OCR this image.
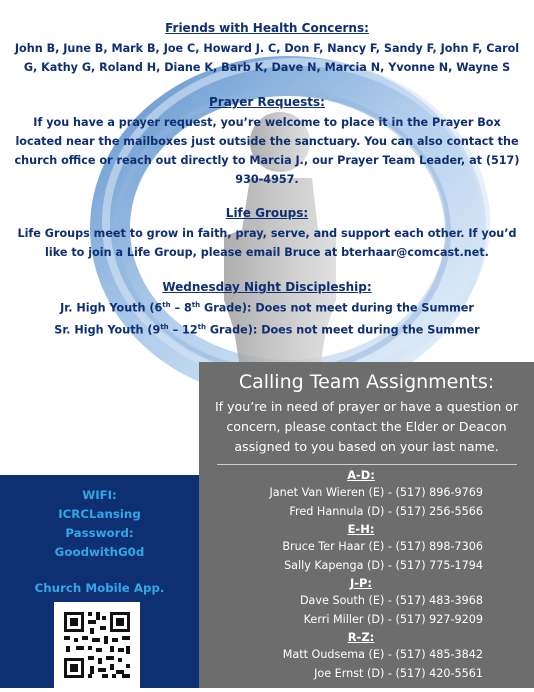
Friends with Health Concerns:
John B, June B, Mark B, Joe C, Howard J. C, Don F, Nancy F, Sandy F, John F, Carol
G, Kathy G, Roland H, Diane K, Barb K, Dave N, Marcia N, Yvonne N, Wayne S
Prayer Requests:
If you have a prayer request, you’re welcome to place it in the Prayer Box
located near the mailboxes just outside the sanctuary. You can also contact the
church office or reach out directly to Marcia J., our Prayer Team Leader, at (517)
930-4957.
Life Groups:
Life Groups meet to grow in faith, pray, serve, and support each other. If you’d
like to join a Life Group, please email Bruce at bterhaar@comcast.net.
Wednesday Night Discipleship:
Jr. High Youth (6th – 8th Grade): Does not meet during the Summer
Sr. High Youth (9th – 12th Grade): Does not meet during the Summer
Calling Team Assignments:
If you’re in need of prayer or have a question or
concern, please contact the Elder or Deacon
assigned to you based on your last name.
A-D:
Janet Van Wieren (E) - (517) 896-9769
Fred Hannula (D) - (517) 256-5566
E-H:
Bruce Ter Haar (E) - (517) 898-7306
Sally Kapenga (D) - (517) 775-1794
J-P:
Dave South (E) - (517) 483-3968
Kerri Miller (D) - (517) 927-9209
R-Z:
Matt Oudsema (E) - (517) 485-3842
Joe Ernst (D) - (517) 420-5561
WIFI:
ICRCLansing
Password:
GoodwithG0d
Church Mobile App.
